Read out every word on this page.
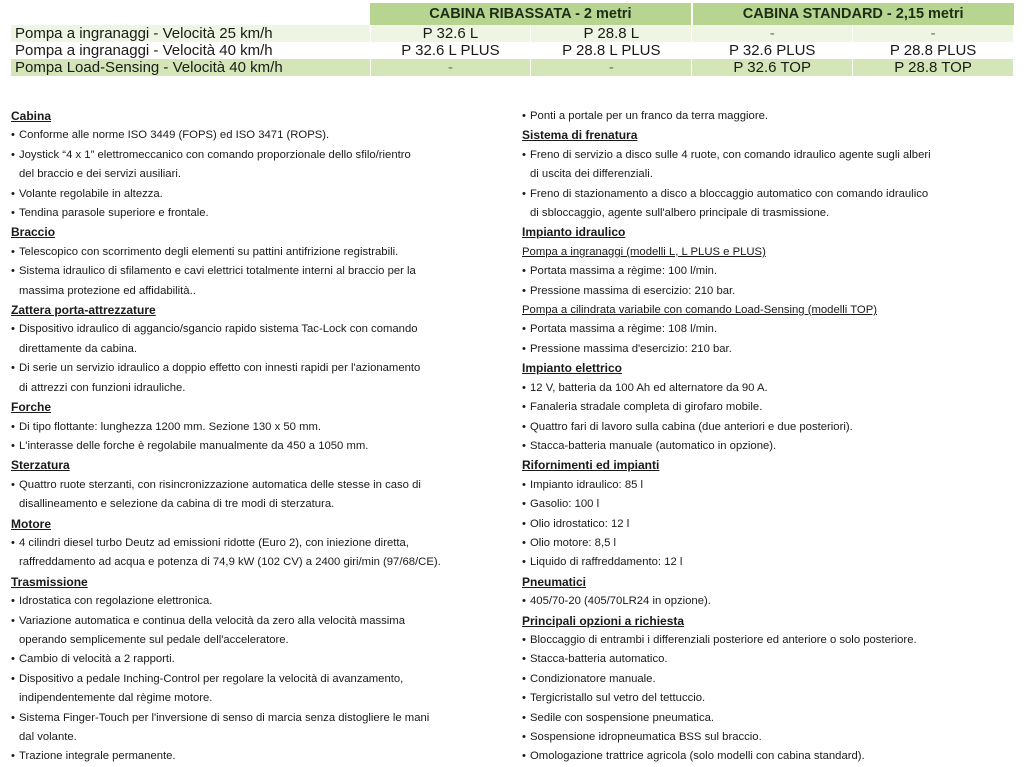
	CABINA RIBASSATA - 2 metri		CABINA STANDARD - 2,15 metri	
Pompa a ingranaggi - Velocità 25 km/h	P 32.6 L	P 28.8 L	-	-
Pompa a ingranaggi - Velocità 40 km/h	P 32.6 L PLUS	P 28.8 L PLUS	P 32.6 PLUS	P 28.8 PLUS
Pompa Load-Sensing - Velocità 40 km/h	-	-	P 32.6 TOP	P 28.8 TOP
Cabina
• Conforme alle norme ISO 3449 (FOPS) ed ISO 3471 (ROPS).
• Joystick “4 x 1” elettromeccanico con comando proporzionale dello sfilo/rientro
del braccio e dei servizi ausiliari.
• Volante regolabile in altezza.
• Tendina parasole superiore e frontale.
Braccio
• Telescopico con scorrimento degli elementi su pattini antifrizione registrabili.
• Sistema idraulico di sfilamento e cavi elettrici totalmente interni al braccio per la
massima protezione ed affidabilità..
Zattera porta-attrezzature
• Dispositivo idraulico di aggancio/sgancio rapido sistema Tac-Lock con comando
direttamente da cabina.
• Di serie un servizio idraulico a doppio effetto con innesti rapidi per l'azionamento
di attrezzi con funzioni idrauliche.
Forche
• Di tipo flottante: lunghezza 1200 mm. Sezione 130 x 50 mm.
• L'interasse delle forche è regolabile manualmente da 450 a 1050 mm.
Sterzatura
• Quattro ruote sterzanti, con risincronizzazione automatica delle stesse in caso di
disallineamento e selezione da cabina di tre modi di sterzatura.
Motore
• 4 cilindri diesel turbo Deutz ad emissioni ridotte (Euro 2), con iniezione diretta,
raffreddamento ad acqua e potenza di 74,9 kW (102 CV) a 2400 giri/min (97/68/CE).
Trasmissione
• Idrostatica con regolazione elettronica.
• Variazione automatica e continua della velocità da zero alla velocità massima
operando semplicemente sul pedale dell'acceleratore.
• Cambio di velocità a 2 rapporti.
• Dispositivo a pedale Inching-Control per regolare la velocità di avanzamento,
indipendentemente dal règime motore.
• Sistema Finger-Touch per l'inversione di senso di marcia senza distogliere le mani
dal volante.
• Trazione integrale permanente.
• Ponti a portale per un franco da terra maggiore.
Sistema di frenatura
• Freno di servizio a disco sulle 4 ruote, con comando idraulico agente sugli alberi
di uscita dei differenziali.
• Freno di stazionamento a disco a bloccaggio automatico con comando idraulico
di sbloccaggio, agente sull'albero principale di trasmissione.
Impianto idraulico
Pompa a ingranaggi (modelli L, L PLUS e PLUS)
• Portata massima a règime: 100 l/min.
• Pressione massima di esercizio: 210 bar.
Pompa a cilindrata variabile con comando Load-Sensing (modelli TOP)
• Portata massima a règime: 108 l/min.
• Pressione massima d'esercizio: 210 bar.
Impianto elettrico
• 12 V, batteria da 100 Ah ed alternatore da 90 A.
• Fanaleria stradale completa di girofaro mobile.
• Quattro fari di lavoro sulla cabina (due anteriori e due posteriori).
• Stacca-batteria manuale (automatico in opzione).
Rifornimenti ed impianti
• Impianto idraulico: 85 l
• Gasolio: 100 l
• Olio idrostatico: 12 l
• Olio motore: 8,5 l
• Liquido di raffreddamento: 12 l
Pneumatici
• 405/70-20 (405/70LR24 in opzione).
Principali opzioni a richiesta
• Bloccaggio di entrambi i differenziali posteriore ed anteriore o solo posteriore.
• Stacca-batteria automatico.
• Condizionatore manuale.
• Tergicristallo sul vetro del tettuccio.
• Sedile con sospensione pneumatica.
• Sospensione idropneumatica BSS sul braccio.
• Omologazione trattrice agricola (solo modelli con cabina standard).
